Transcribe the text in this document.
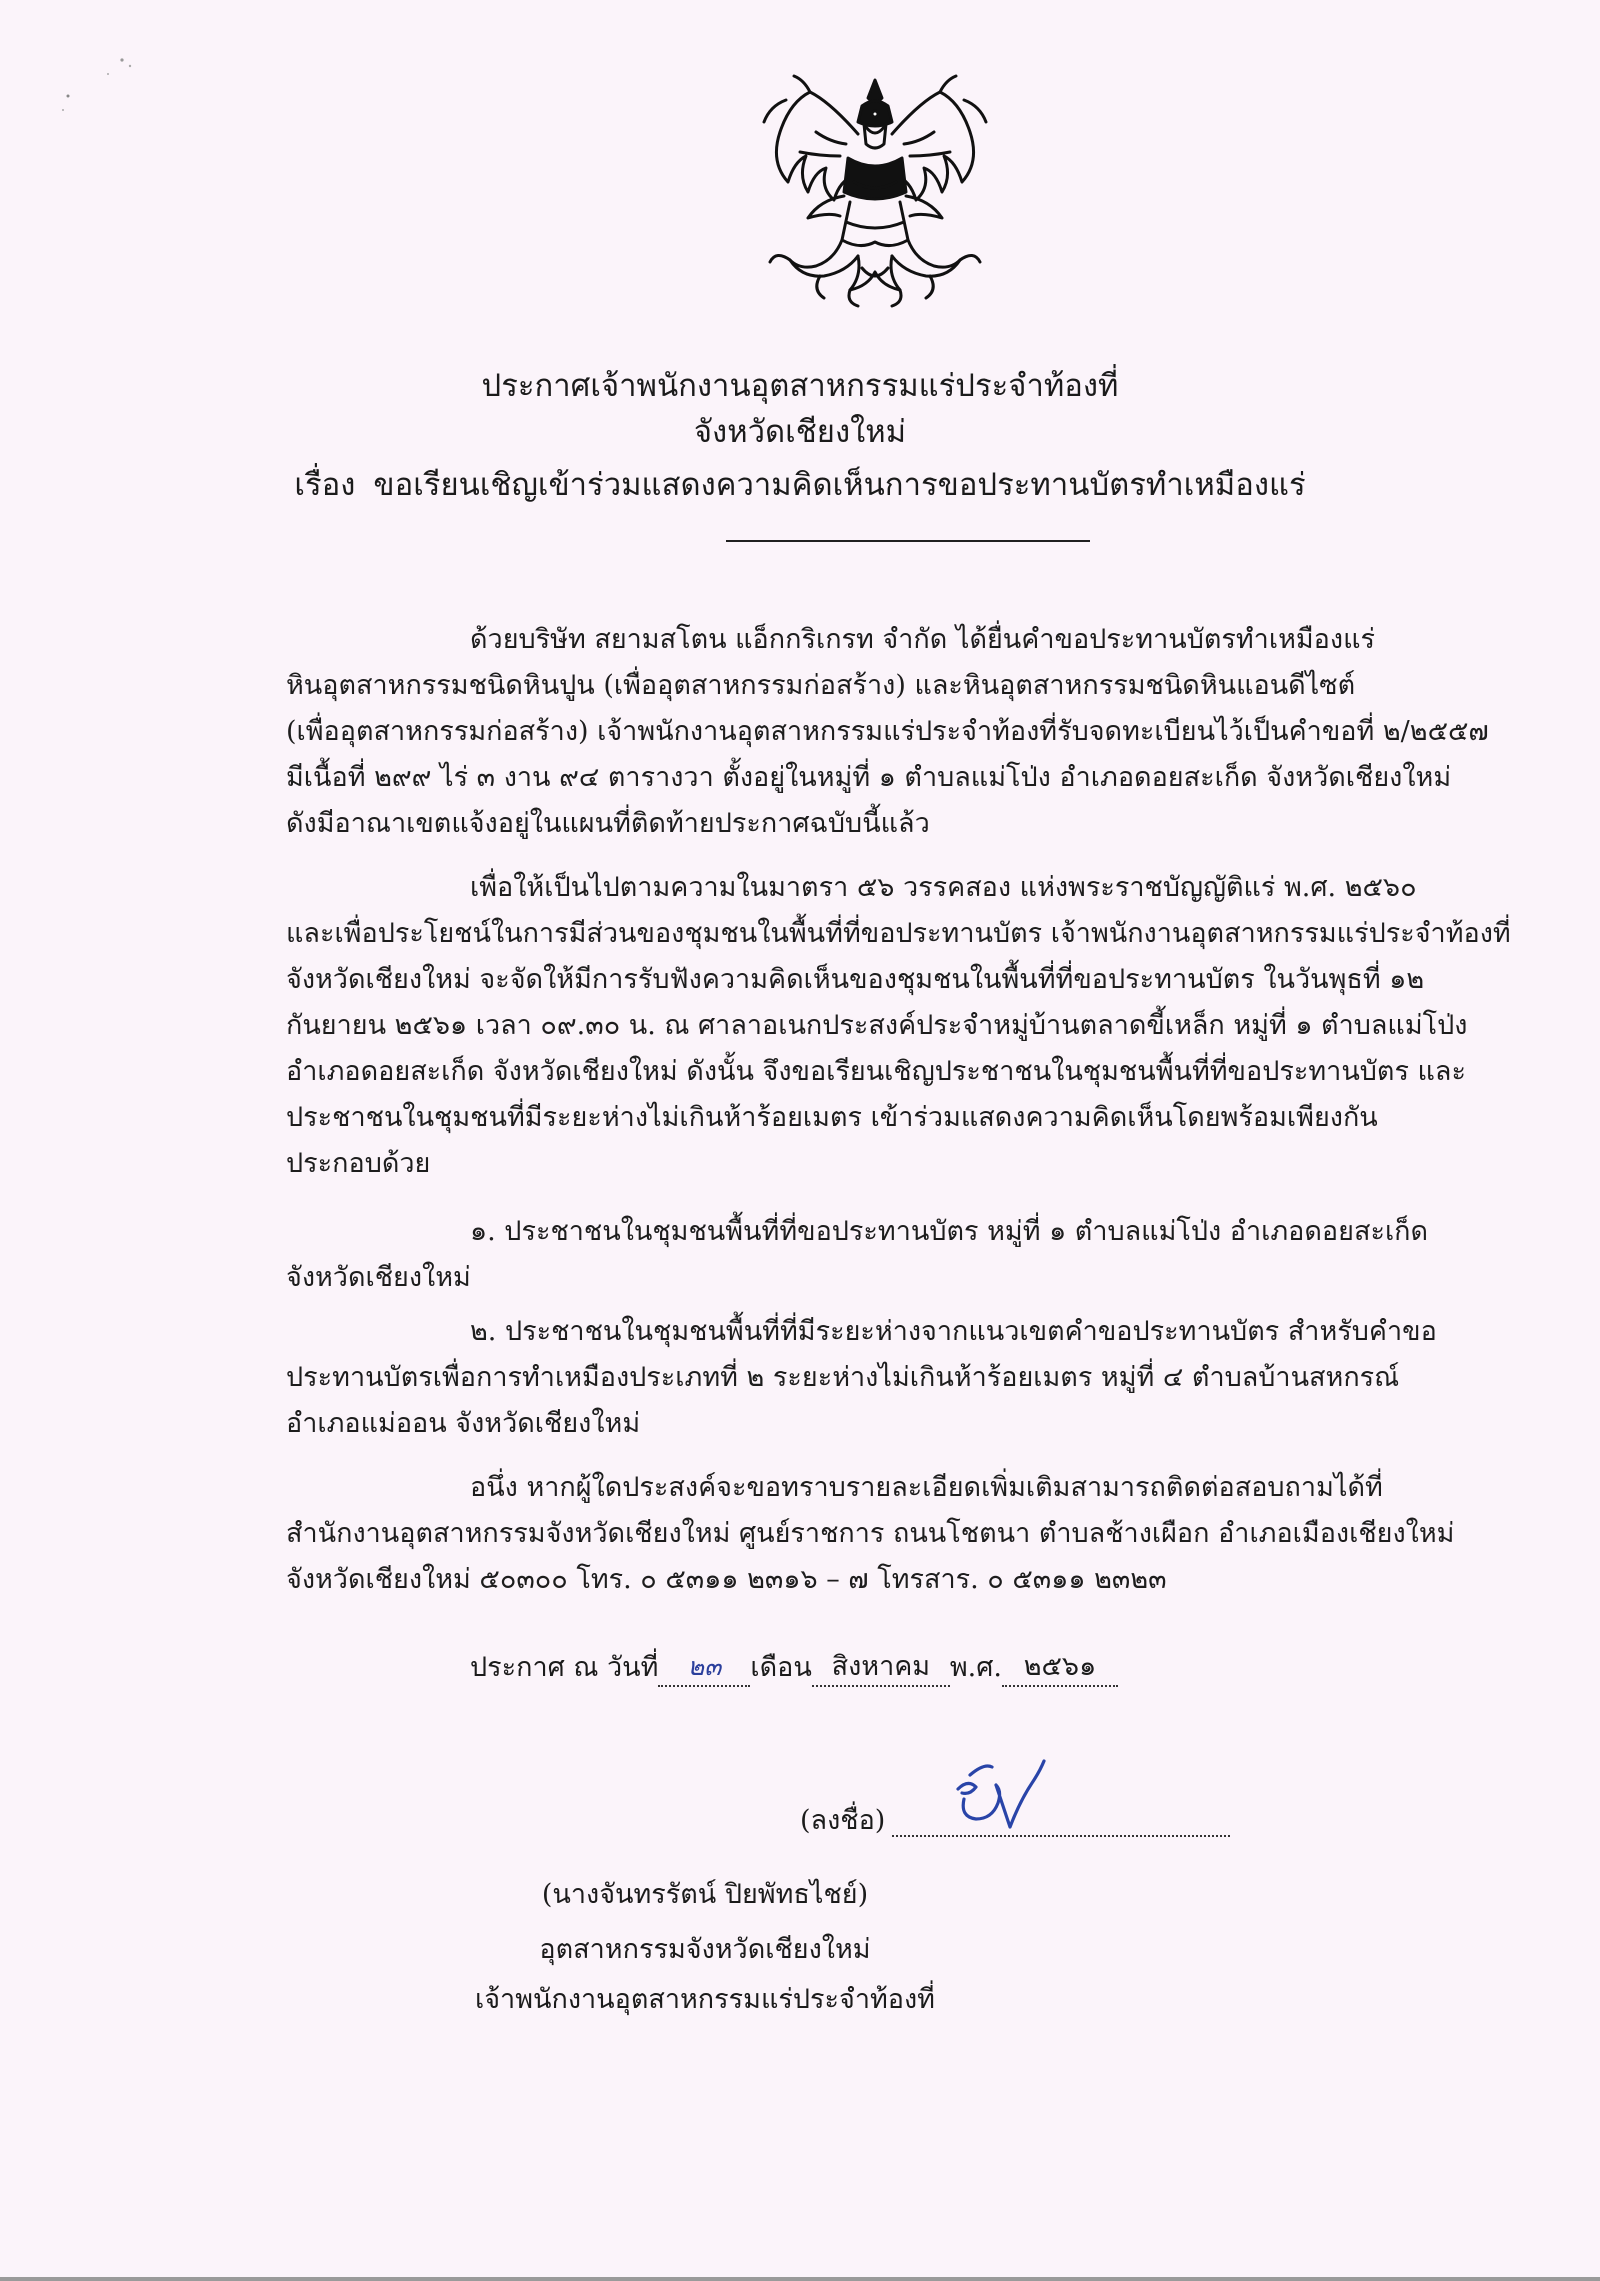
ประกาศเจ้าพนักงานอุตสาหกรรมแร่ประจำท้องที่
จังหวัดเชียงใหม่
เรื่อง ขอเรียนเชิญเข้าร่วมแสดงความคิดเห็นการขอประทานบัตรทำเหมืองแร่
ด้วยบริษัท สยามสโตน แอ็กกริเกรท จำกัด ได้ยื่นคำขอประทานบัตรทำเหมืองแร่
หินอุตสาหกรรมชนิดหินปูน (เพื่ออุตสาหกรรมก่อสร้าง) และหินอุตสาหกรรมชนิดหินแอนดีไซต์
(เพื่ออุตสาหกรรมก่อสร้าง) เจ้าพนักงานอุตสาหกรรมแร่ประจำท้องที่รับจดทะเบียนไว้เป็นคำขอที่ ๒/๒๕๕๗
มีเนื้อที่ ๒๙๙ ไร่ ๓ งาน ๙๔ ตารางวา ตั้งอยู่ในหมู่ที่ ๑ ตำบลแม่โป่ง อำเภอดอยสะเก็ด จังหวัดเชียงใหม่
ดังมีอาณาเขตแจ้งอยู่ในแผนที่ติดท้ายประกาศฉบับนี้แล้ว
เพื่อให้เป็นไปตามความในมาตรา ๕๖ วรรคสอง แห่งพระราชบัญญัติแร่ พ.ศ. ๒๕๖๐
และเพื่อประโยชน์ในการมีส่วนของชุมชนในพื้นที่ที่ขอประทานบัตร เจ้าพนักงานอุตสาหกรรมแร่ประจำท้องที่
จังหวัดเชียงใหม่ จะจัดให้มีการรับฟังความคิดเห็นของชุมชนในพื้นที่ที่ขอประทานบัตร ในวันพุธที่ ๑๒
กันยายน ๒๕๖๑ เวลา ๐๙.๓๐ น. ณ ศาลาอเนกประสงค์ประจำหมู่บ้านตลาดขี้เหล็ก หมู่ที่ ๑ ตำบลแม่โป่ง
อำเภอดอยสะเก็ด จังหวัดเชียงใหม่ ดังนั้น จึงขอเรียนเชิญประชาชนในชุมชนพื้นที่ที่ขอประทานบัตร และ
ประชาชนในชุมชนที่มีระยะห่างไม่เกินห้าร้อยเมตร เข้าร่วมแสดงความคิดเห็นโดยพร้อมเพียงกัน
ประกอบด้วย
๑. ประชาชนในชุมชนพื้นที่ที่ขอประทานบัตร หมู่ที่ ๑ ตำบลแม่โป่ง อำเภอดอยสะเก็ด
จังหวัดเชียงใหม่
๒. ประชาชนในชุมชนพื้นที่ที่มีระยะห่างจากแนวเขตคำขอประทานบัตร สำหรับคำขอ
ประทานบัตรเพื่อการทำเหมืองประเภทที่ ๒ ระยะห่างไม่เกินห้าร้อยเมตร หมู่ที่ ๔ ตำบลบ้านสหกรณ์
อำเภอแม่ออน จังหวัดเชียงใหม่
อนึ่ง หากผู้ใดประสงค์จะขอทราบรายละเอียดเพิ่มเติมสามารถติดต่อสอบถามได้ที่
สำนักงานอุตสาหกรรมจังหวัดเชียงใหม่ ศูนย์ราชการ ถนนโชตนา ตำบลช้างเผือก อำเภอเมืองเชียงใหม่
จังหวัดเชียงใหม่ ๕๐๓๐๐ โทร. ๐ ๕๓๑๑ ๒๓๑๖ – ๗ โทรสาร. ๐ ๕๓๑๑ ๒๓๒๓
ประกาศ ณ วันที่ ๒๓ เดือน สิงหาคม พ.ศ. ๒๕๖๑
(ลงชื่อ)
(นางจันทรรัตน์ ปิยพัทธไชย์)
อุตสาหกรรมจังหวัดเชียงใหม่
เจ้าพนักงานอุตสาหกรรมแร่ประจำท้องที่
